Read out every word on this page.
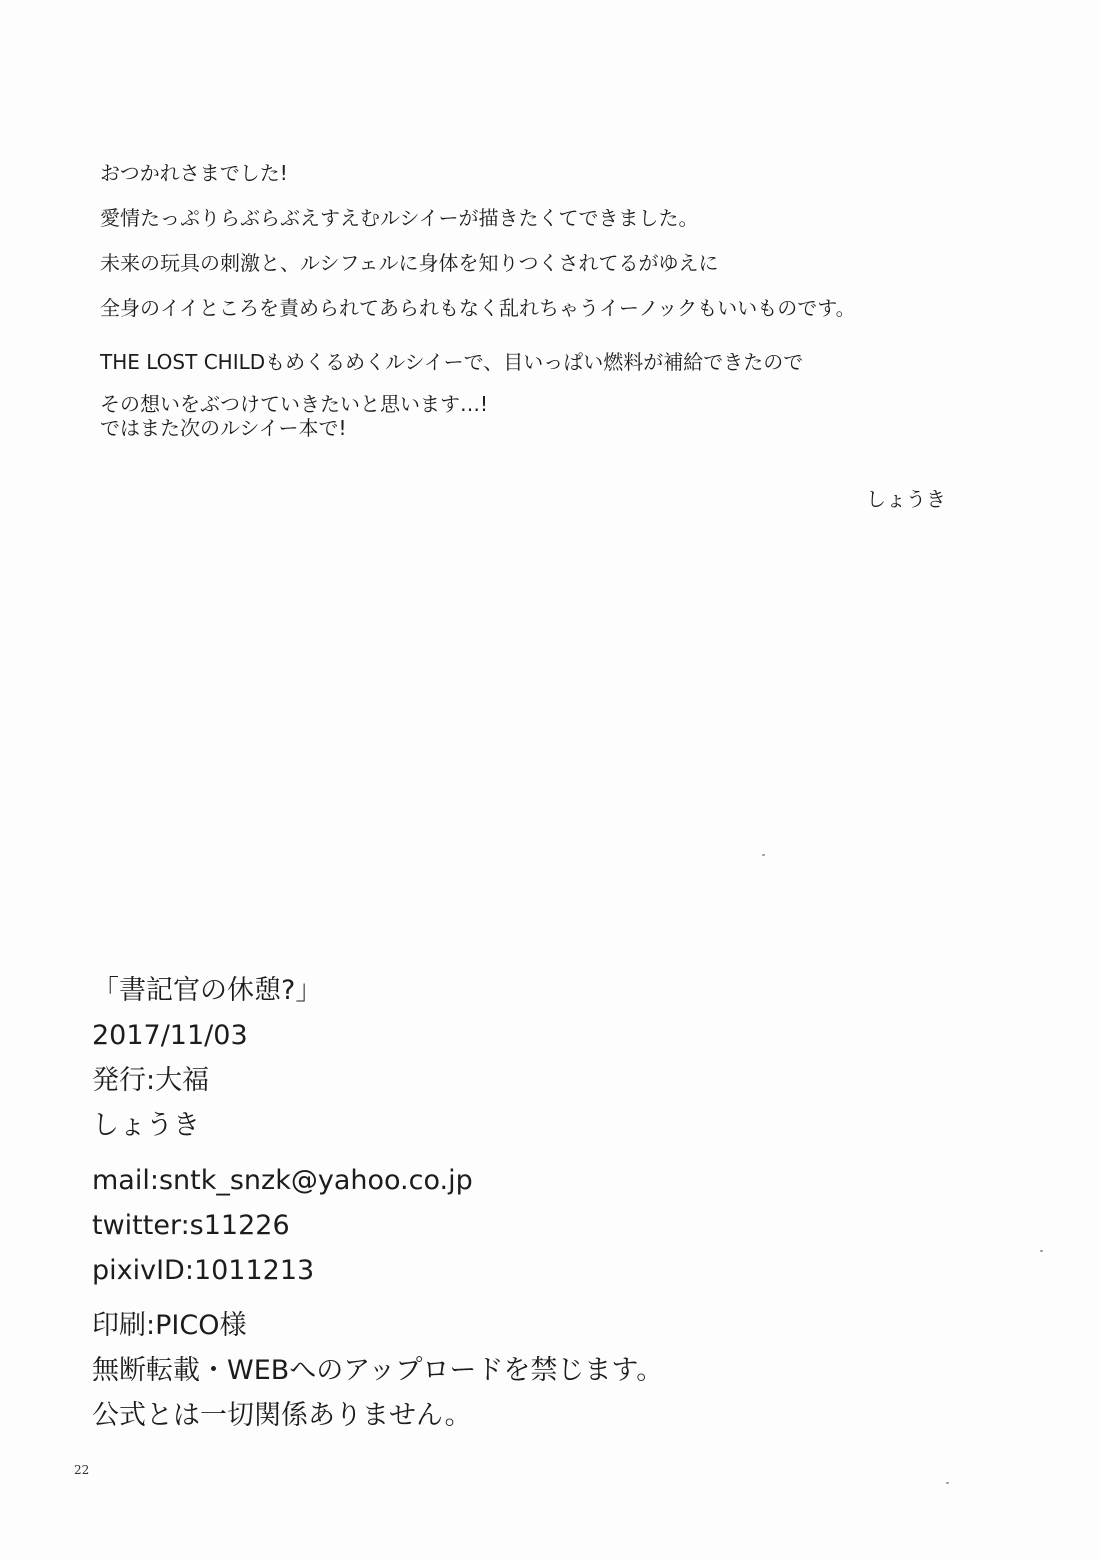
おつかれさまでした!

愛情たっぷりらぶらぶえすえむルシイーが描きたくてできました。

未来の玩具の刺激と、ルシフェルに身体を知りつくされてるがゆえに

全身のイイところを責められてあられもなく乱れちゃうイーノックもいいものです。

THE LOST CHILDもめくるめくルシイーで、目いっぱい燃料が補給できたので

その想いをぶつけていきたいと思います…!

ではまた次のルシイー本で!

しょうき
「書記官の休憩?」
2017/11/03
発行:大福
しょうき
mail:sntk_snzk@yahoo.co.jp
twitter:s11226
pixivID:1011213
印刷:PICO様
無断転載・WEBへのアップロードを禁じます。
公式とは一切関係ありません。
22
